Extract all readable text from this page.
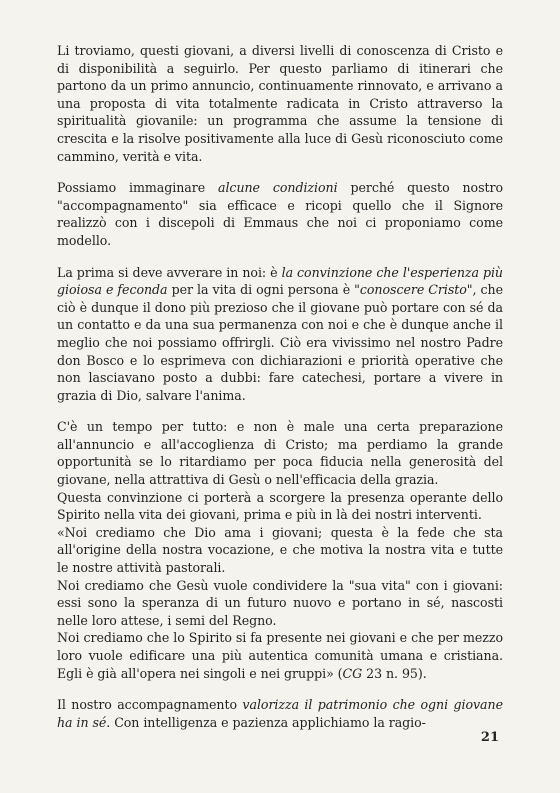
Li troviamo, questi giovani, a diversi livelli di conoscenza di Cristo e di disponibilità a seguirlo. Per questo parliamo di itinerari che partono da un primo annuncio, continuamente rinnovato, e arrivano a una proposta di vita totalmente radicata in Cristo attraverso la spiritualità giovanile: un programma che assume la tensione di crescita e la risolve positivamente alla luce di Gesù riconosciuto come cammino, verità e vita.

Possiamo immaginare alcune condizioni perché questo nostro "accompagnamento" sia efficace e ricopi quello che il Signore realizzò con i discepoli di Emmaus che noi ci proponiamo come modello.

La prima si deve avverare in noi: è la convinzione che l'esperienza più gioiosa e feconda per la vita di ogni persona è "conoscere Cristo", che ciò è dunque il dono più prezioso che il giovane può portare con sé da un contatto e da una sua permanenza con noi e che è dunque anche il meglio che noi possiamo offrirgli. Ciò era vivissimo nel nostro Padre don Bosco e lo esprimeva con dichiarazioni e priorità operative che non lasciavano posto a dubbi: fare catechesi, portare a vivere in grazia di Dio, salvare l'anima.

C'è un tempo per tutto: e non è male una certa preparazione all'annuncio e all'accoglienza di Cristo; ma perdiamo la grande opportunità se lo ritardiamo per poca fiducia nella generosità del giovane, nella attrattiva di Gesù o nell'efficacia della grazia.

Questa convinzione ci porterà a scorgere la presenza operante dello Spirito nella vita dei giovani, prima e più in là dei nostri interventi.

«Noi crediamo che Dio ama i giovani; questa è la fede che sta all'origine della nostra vocazione, e che motiva la nostra vita e tutte le nostre attività pastorali.

Noi crediamo che Gesù vuole condividere la "sua vita" con i giovani: essi sono la speranza di un futuro nuovo e portano in sé, nascosti nelle loro attese, i semi del Regno.

Noi crediamo che lo Spirito si fa presente nei giovani e che per mezzo loro vuole edificare una più autentica comunità umana e cristiana. Egli è già all'opera nei singoli e nei gruppi» (CG 23 n. 95).

Il nostro accompagnamento valorizza il patrimonio che ogni giovane ha in sé. Con intelligenza e pazienza applichiamo la ragio-

21
